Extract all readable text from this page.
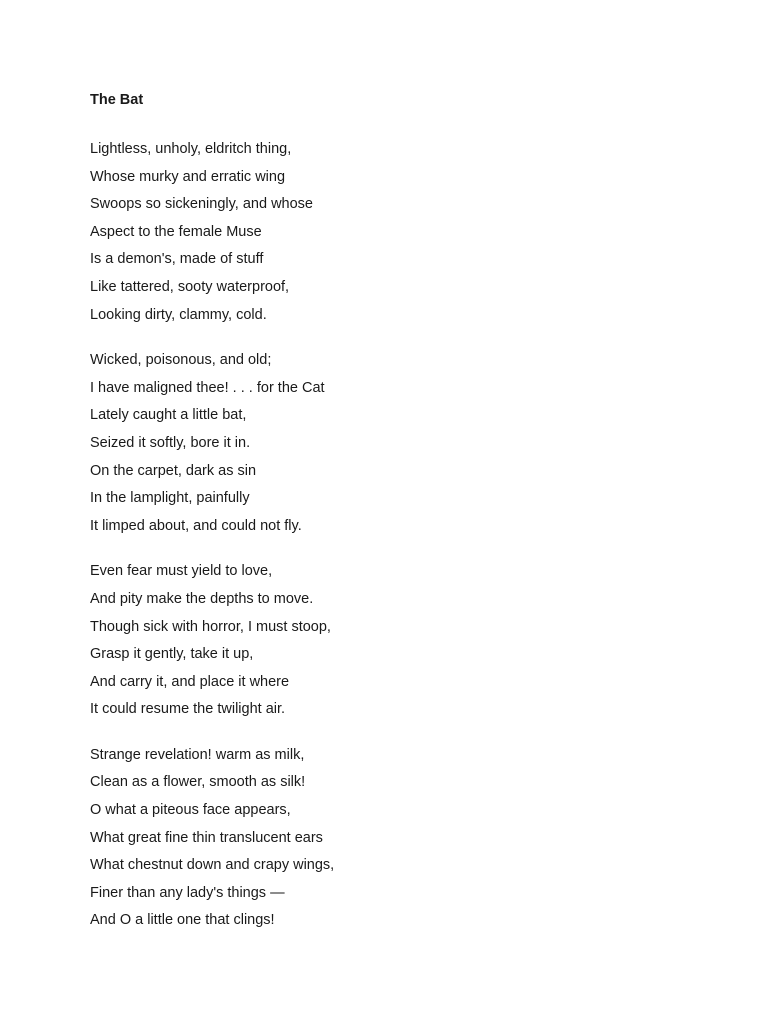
The Bat
Lightless, unholy, eldritch thing,
Whose murky and erratic wing
Swoops so sickeningly, and whose
Aspect to the female Muse
Is a demon's, made of stuff
Like tattered, sooty waterproof,
Looking dirty, clammy, cold.
Wicked, poisonous, and old;
I have maligned thee! . . . for the Cat
Lately caught a little bat,
Seized it softly, bore it in.
On the carpet, dark as sin
In the lamplight, painfully
It limped about, and could not fly.
Even fear must yield to love,
And pity make the depths to move.
Though sick with horror, I must stoop,
Grasp it gently, take it up,
And carry it, and place it where
It could resume the twilight air.
Strange revelation! warm as milk,
Clean as a flower, smooth as silk!
O what a piteous face appears,
What great fine thin translucent ears
What chestnut down and crapy wings,
Finer than any lady's things —
And O a little one that clings!
